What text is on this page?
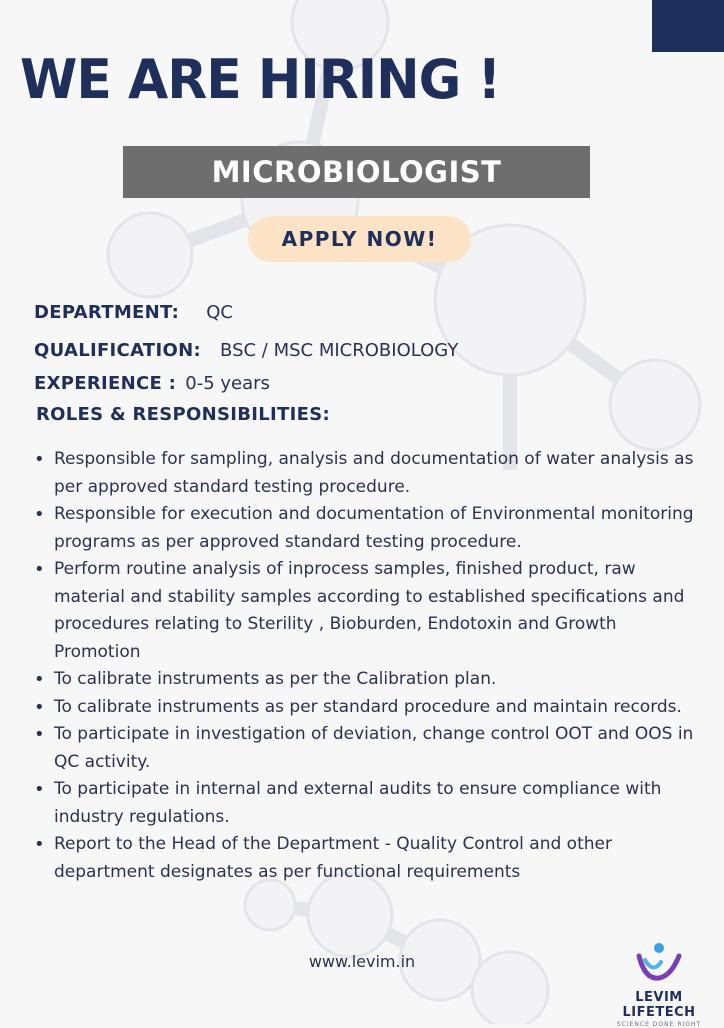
WE ARE HIRING !
MICROBIOLOGIST
APPLY NOW!
DEPARTMENT: QC
QUALIFICATION: BSC / MSC MICROBIOLOGY
EXPERIENCE : 0-5 years
ROLES & RESPONSIBILITIES:
• Responsible for sampling, analysis and documentation of water analysis as per approved standard testing procedure.
• Responsible for execution and documentation of Environmental monitoring programs as per approved standard testing procedure.
• Perform routine analysis of inprocess samples, finished product, raw material and stability samples according to established specifications and procedures relating to Sterility , Bioburden, Endotoxin and Growth Promotion
• To calibrate instruments as per the Calibration plan.
• To calibrate instruments as per standard procedure and maintain records.
• To participate in investigation of deviation, change control OOT and OOS in QC activity.
• To participate in internal and external audits to ensure compliance with industry regulations.
• Report to the Head of the Department - Quality Control and other department designates as per functional requirements
www.levim.in
LEVIM LIFETECH
SCIENCE DONE RIGHT
